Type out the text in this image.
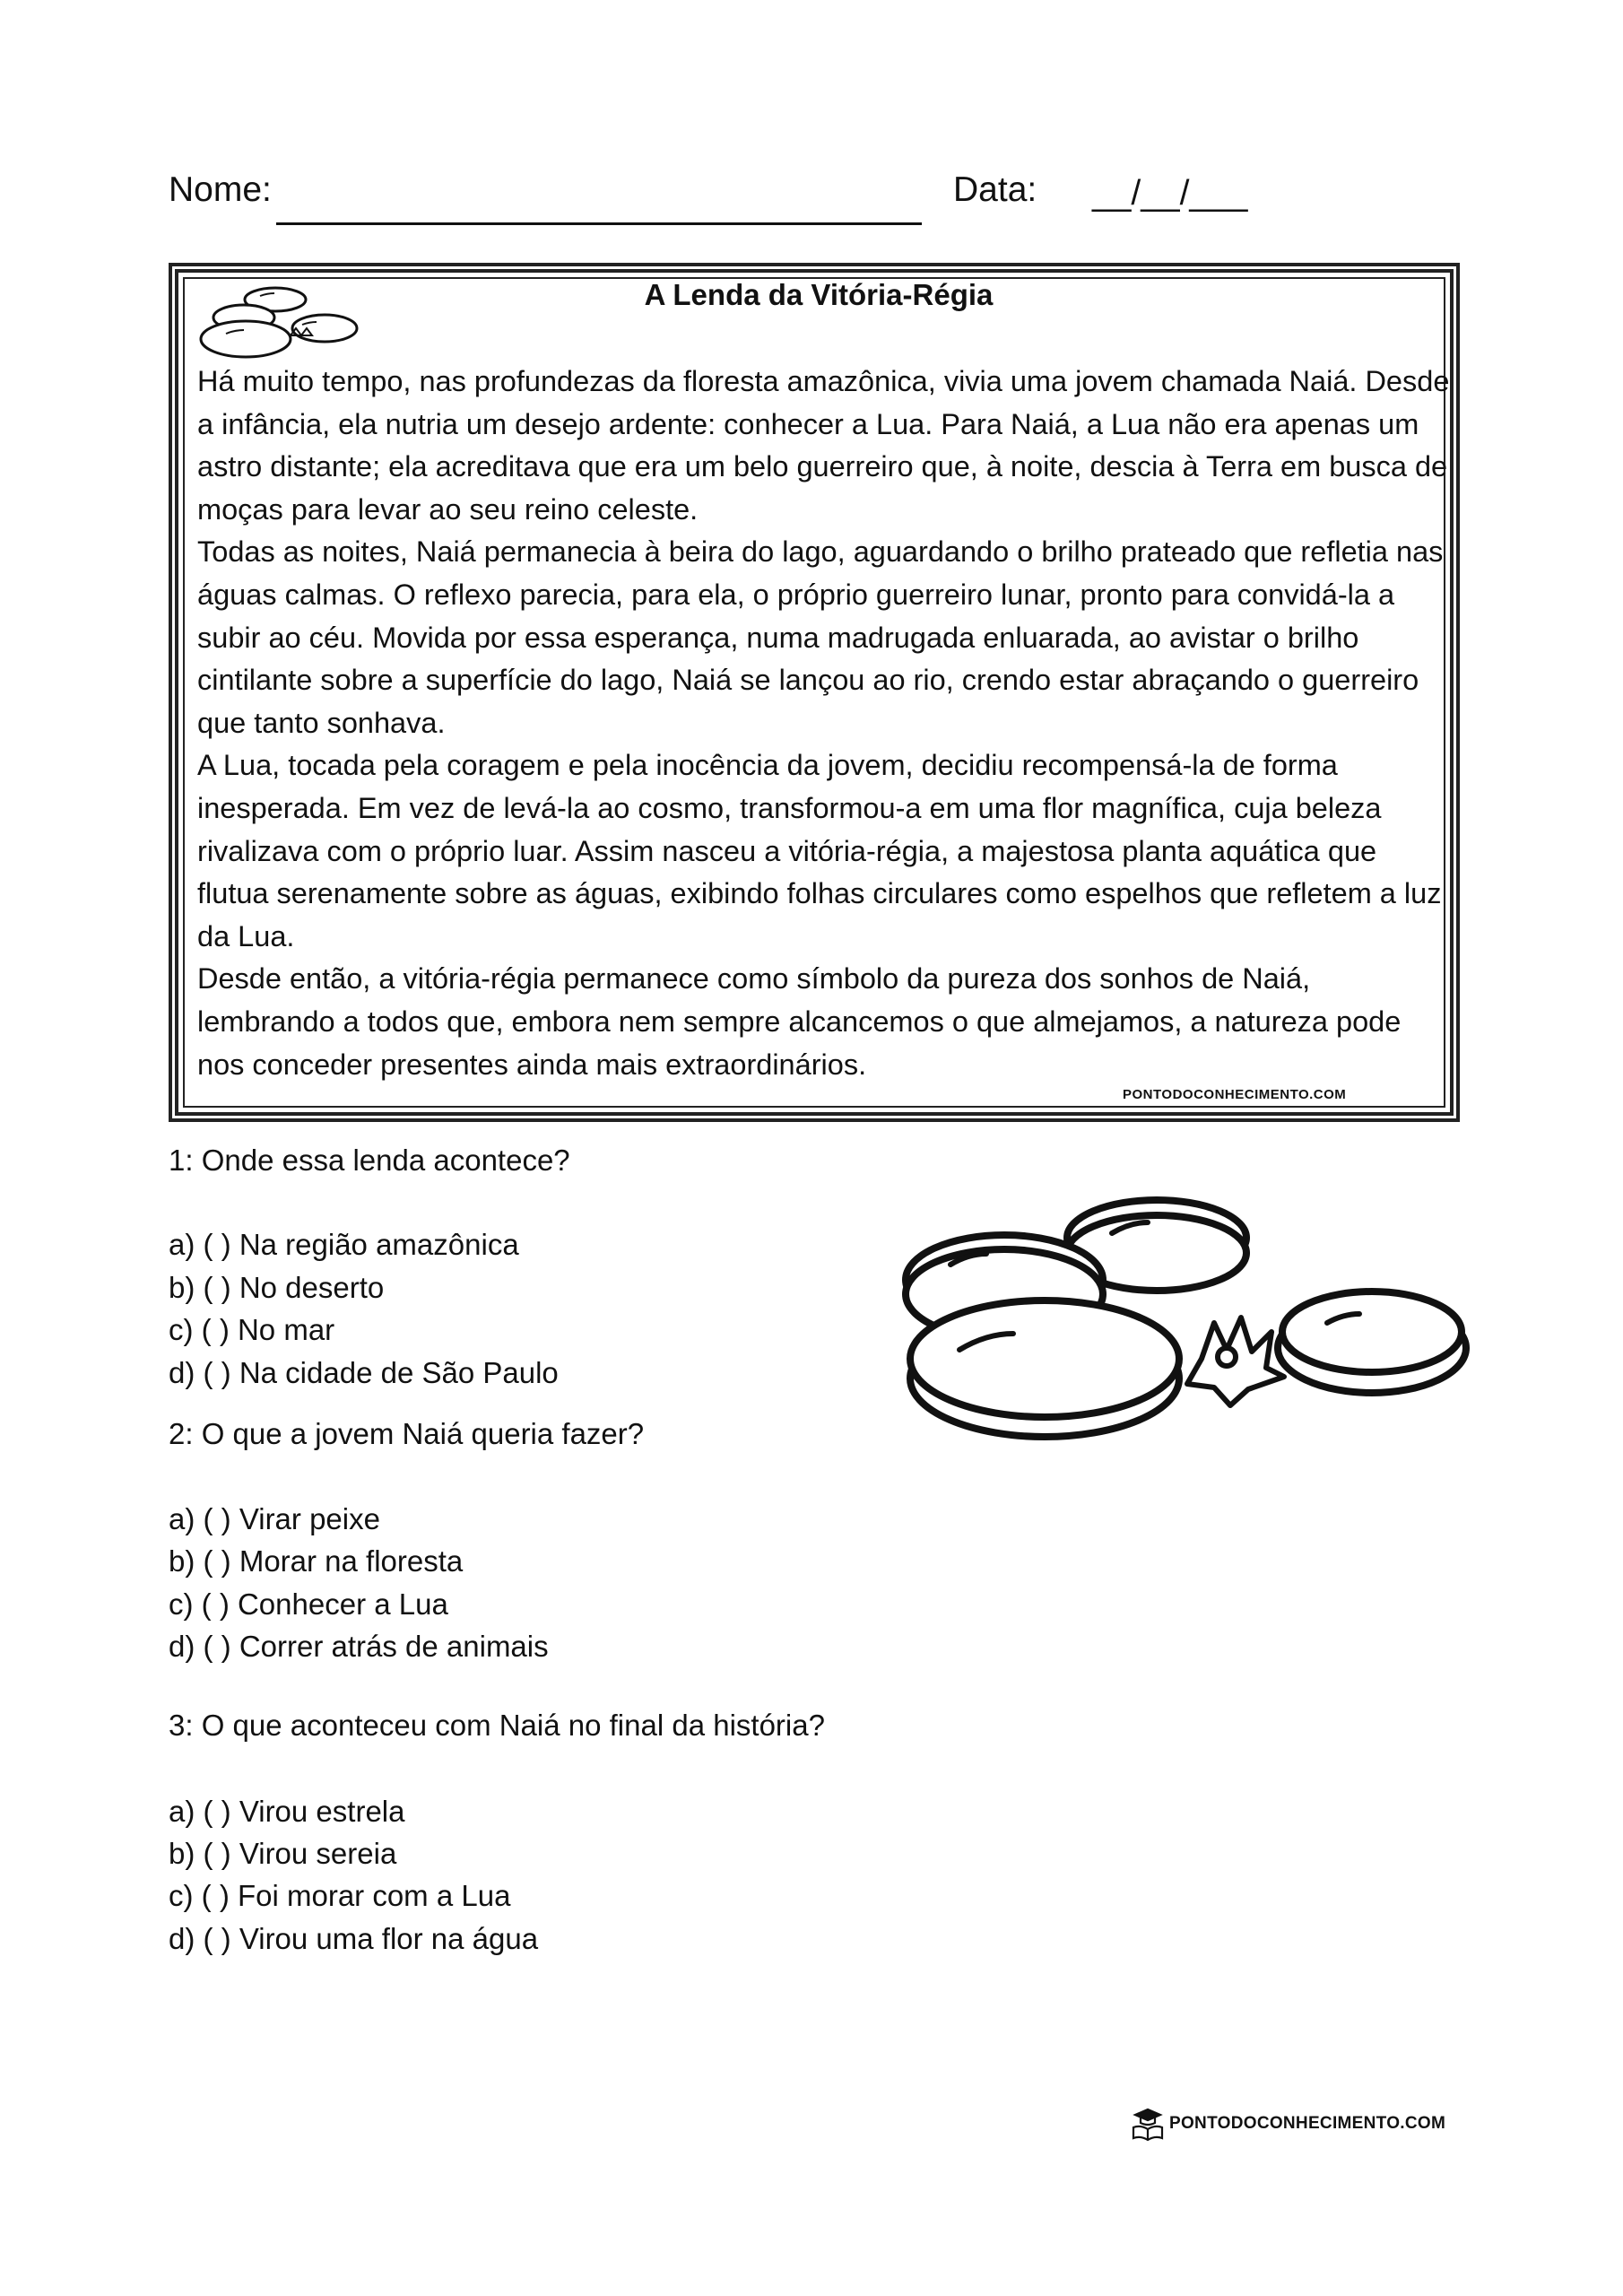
Nome:	Data: __/__/___
A Lenda da Vitória-Régia

Há muito tempo, nas profundezas da floresta amazônica, vivia uma jovem chamada Naiá. Desde a infância, ela nutria um desejo ardente: conhecer a Lua. Para Naiá, a Lua não era apenas um astro distante; ela acreditava que era um belo guerreiro que, à noite, descia à Terra em busca de moças para levar ao seu reino celeste.

Todas as noites, Naiá permanecia à beira do lago, aguardando o brilho prateado que refletia nas águas calmas. O reflexo parecia, para ela, o próprio guerreiro lunar, pronto para convidá-la a subir ao céu. Movida por essa esperança, numa madrugada enluarada, ao avistar o brilho cintilante sobre a superfície do lago, Naiá se lançou ao rio, crendo estar abraçando o guerreiro que tanto sonhava.

A Lua, tocada pela coragem e pela inocência da jovem, decidiu recompensá-la de forma inesperada. Em vez de levá-la ao cosmo, transformou-a em uma flor magnífica, cuja beleza rivalizava com o próprio luar. Assim nasceu a vitória-régia, a majestosa planta aquática que flutua serenamente sobre as águas, exibindo folhas circulares como espelhos que refletem a luz da Lua.

Desde então, a vitória-régia permanece como símbolo da pureza dos sonhos de Naiá, lembrando a todos que, embora nem sempre alcancemos o que almejamos, a natureza pode nos conceder presentes ainda mais extraordinários.

PONTODOCONHECIMENTO.COM
1: Onde essa lenda acontece?
a) ( ) Na região amazônica
b) ( ) No deserto
c) ( ) No mar
d) ( ) Na cidade de São Paulo
2: O que a jovem Naiá queria fazer?
a) ( ) Virar peixe
b) ( ) Morar na floresta
c) ( ) Conhecer a Lua
d) ( ) Correr atrás de animais
3: O que aconteceu com Naiá no final da história?
a) ( ) Virou estrela
b) ( ) Virou sereia
c) ( ) Foi morar com a Lua
d) ( ) Virou uma flor na água
PONTODOCONHECIMENTO.COM
